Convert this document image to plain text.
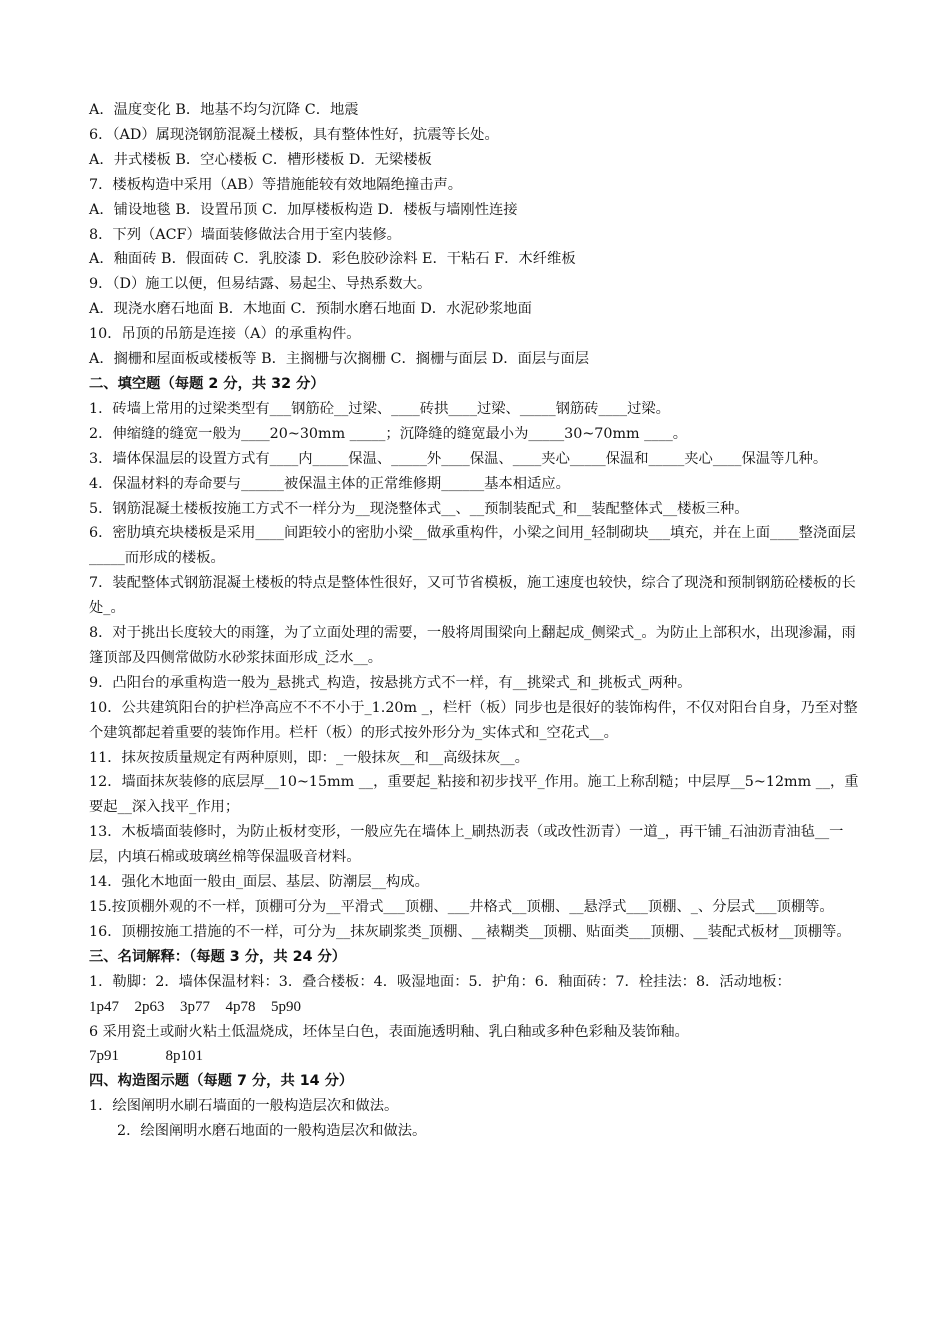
A．温度变化 B．地基不均匀沉降 C．地震

6．（AD）属现浇钢筋混凝土楼板，具有整体性好，抗震等长处。

A．井式楼板 B．空心楼板 C．槽形楼板 D．无梁楼板

7．楼板构造中采用（AB）等措施能较有效地隔绝撞击声。

A．铺设地毯 B．设置吊顶 C．加厚楼板构造 D．楼板与墙刚性连接

8．下列（ACF）墙面装修做法合用于室内装修。

A．釉面砖 B．假面砖 C．乳胶漆 D．彩色胶砂涂料 E．干粘石 F．木纤维板

9．（D）施工以便，但易结露、易起尘、导热系数大。

A．现浇水磨石地面 B．木地面 C．预制水磨石地面 D．水泥砂浆地面

10．吊顶的吊筋是连接（A）的承重构件。

A．搁栅和屋面板或楼板等 B．主搁栅与次搁栅 C．搁栅与面层 D．面层与面层

二、填空题（每题 2 分，共 32 分）

1．砖墙上常用的过梁类型有___钢筋砼__过梁、____砖拱____过梁、_____钢筋砖____过梁。

2．伸缩缝的缝宽一般为____20~30mm _____；沉降缝的缝宽最小为_____30~70mm ____。

3．墙体保温层的设置方式有____内_____保温、_____外____保温、____夹心_____保温和_____夹心____保温等几种。

4．保温材料的寿命要与______被保温主体的正常维修期______基本相适应。

5．钢筋混凝土楼板按施工方式不一样分为__现浇整体式__、__预制装配式_和__装配整体式__楼板三种。

6．密肋填充块楼板是采用____间距较小的密肋小梁__做承重构件，小梁之间用_轻制砌块___填充，并在上面____整浇面层_____而形成的楼板。

7．装配整体式钢筋混凝土楼板的特点是整体性很好，又可节省模板，施工速度也较快，综合了现浇和预制钢筋砼楼板的长处_。

8．对于挑出长度较大的雨篷，为了立面处理的需要，一般将周围梁向上翻起成_侧梁式_。为防止上部积水，出现渗漏，雨篷顶部及四侧常做防水砂浆抹面形成_泛水__。

9．凸阳台的承重构造一般为_悬挑式_构造，按悬挑方式不一样，有__挑梁式_和_挑板式_两种。

10．公共建筑阳台的护栏净高应不不不小于_1.20m _，栏杆（板）同步也是很好的装饰构件，不仅对阳台自身，乃至对整个建筑都起着重要的装饰作用。栏杆（板）的形式按外形分为_实体式和_空花式__。

11．抹灰按质量规定有两种原则，即：_一般抹灰__和__高级抹灰__。

12．墙面抹灰装修的底层厚__10~15mm __，重要起_粘接和初步找平_作用。施工上称刮糙；中层厚__5~12mm __，重要起__深入找平_作用；

13．木板墙面装修时，为防止板材变形，一般应先在墙体上_刷热沥表（或改性沥青）一道_，再干铺_石油沥青油毡__一层，内填石棉或玻璃丝棉等保温吸音材料。

14．强化木地面一般由_面层、基层、防潮层__构成。

15.按顶棚外观的不一样，顶棚可分为__平滑式___顶棚、___井格式__顶棚、__悬浮式___顶棚、_、分层式___顶棚等。

16．顶棚按施工措施的不一样，可分为__抹灰刷浆类_顶棚、__裱糊类__顶棚、贴面类___顶棚、__装配式板材__顶棚等。

三、名词解释：（每题 3 分，共 24 分）

1．勒脚：2．墙体保温材料：3．叠合楼板：4．吸湿地面：5．护角：6．釉面砖：7．栓挂法：8．活动地板：

1p47  2p63  3p77  4p78  5p90

6 采用瓷土或耐火粘土低温烧成，坯体呈白色，表面施透明釉、乳白釉或多种色彩釉及装饰釉。

7p91      8p101

四、构造图示题（每题 7 分，共 14 分）

1．绘图阐明水刷石墙面的一般构造层次和做法。

2．绘图阐明水磨石地面的一般构造层次和做法。
